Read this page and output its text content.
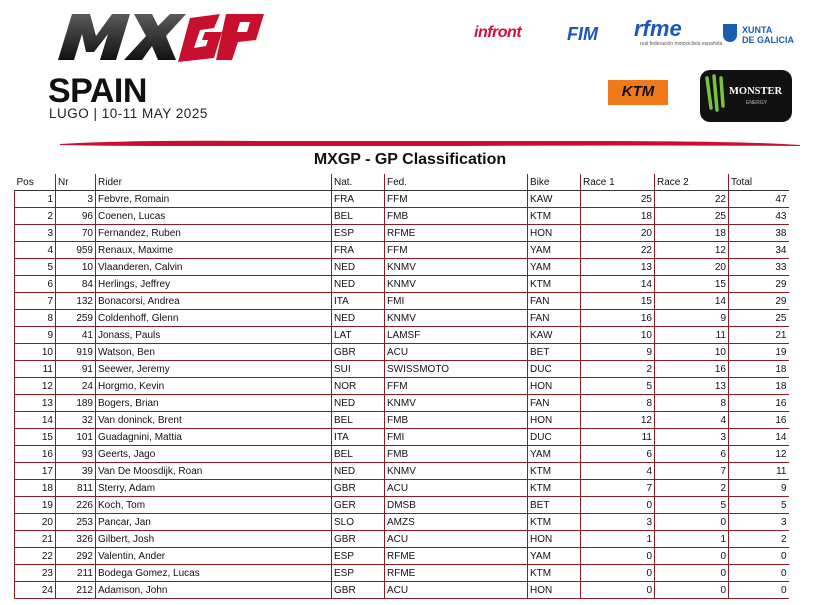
SPAIN
LUGO | 10-11 MAY 2025
infront	FIM rfme
real federación motociclista española
XUNTA
DE GALICIA
KTM	MONSTER
ENERGY
MXGP - GP Classification
Pos	Nr	Rider	Nat.	Fed.	Bike	Race 1	Race 2	Total
1	3	Febvre, Romain	FRA	FFM	KAW	25	22	47
2	96	Coenen, Lucas	BEL	FMB	KTM	18	25	43
3	70	Fernandez, Ruben	ESP	RFME	HON	20	18	38
4	959	Renaux, Maxime	FRA	FFM	YAM	22	12	34
5	10	Vlaanderen, Calvin	NED	KNMV	YAM	13	20	33
6	84	Herlings, Jeffrey	NED	KNMV	KTM	14	15	29
7	132	Bonacorsi, Andrea	ITA	FMI	FAN	15	14	29
8	259	Coldenhoff, Glenn	NED	KNMV	FAN	16	9	25
9	41	Jonass, Pauls	LAT	LAMSF	KAW	10	11	21
10	919	Watson, Ben	GBR	ACU	BET	9	10	19
11	91	Seewer, Jeremy	SUI	SWISSMOTO	DUC	2	16	18
12	24	Horgmo, Kevin	NOR	FFM	HON	5	13	18
13	189	Bogers, Brian	NED	KNMV	FAN	8	8	16
14	32	Van doninck, Brent	BEL	FMB	HON	12	4	16
15	101	Guadagnini, Mattia	ITA	FMI	DUC	11	3	14
16	93	Geerts, Jago	BEL	FMB	YAM	6	6	12
17	39	Van De Moosdijk, Roan	NED	KNMV	KTM	4	7	11
18	811	Sterry, Adam	GBR	ACU	KTM	7	2	9
19	226	Koch, Tom	GER	DMSB	BET	0	5	5
20	253	Pancar, Jan	SLO	AMZS	KTM	3	0	3
21	326	Gilbert, Josh	GBR	ACU	HON	1	1	2
22	292	Valentin, Ander	ESP	RFME	YAM	0	0	0
23	211	Bodega Gomez, Lucas	ESP	RFME	KTM	0	0	0
24	212	Adamson, John	GBR	ACU	HON	0	0	0
